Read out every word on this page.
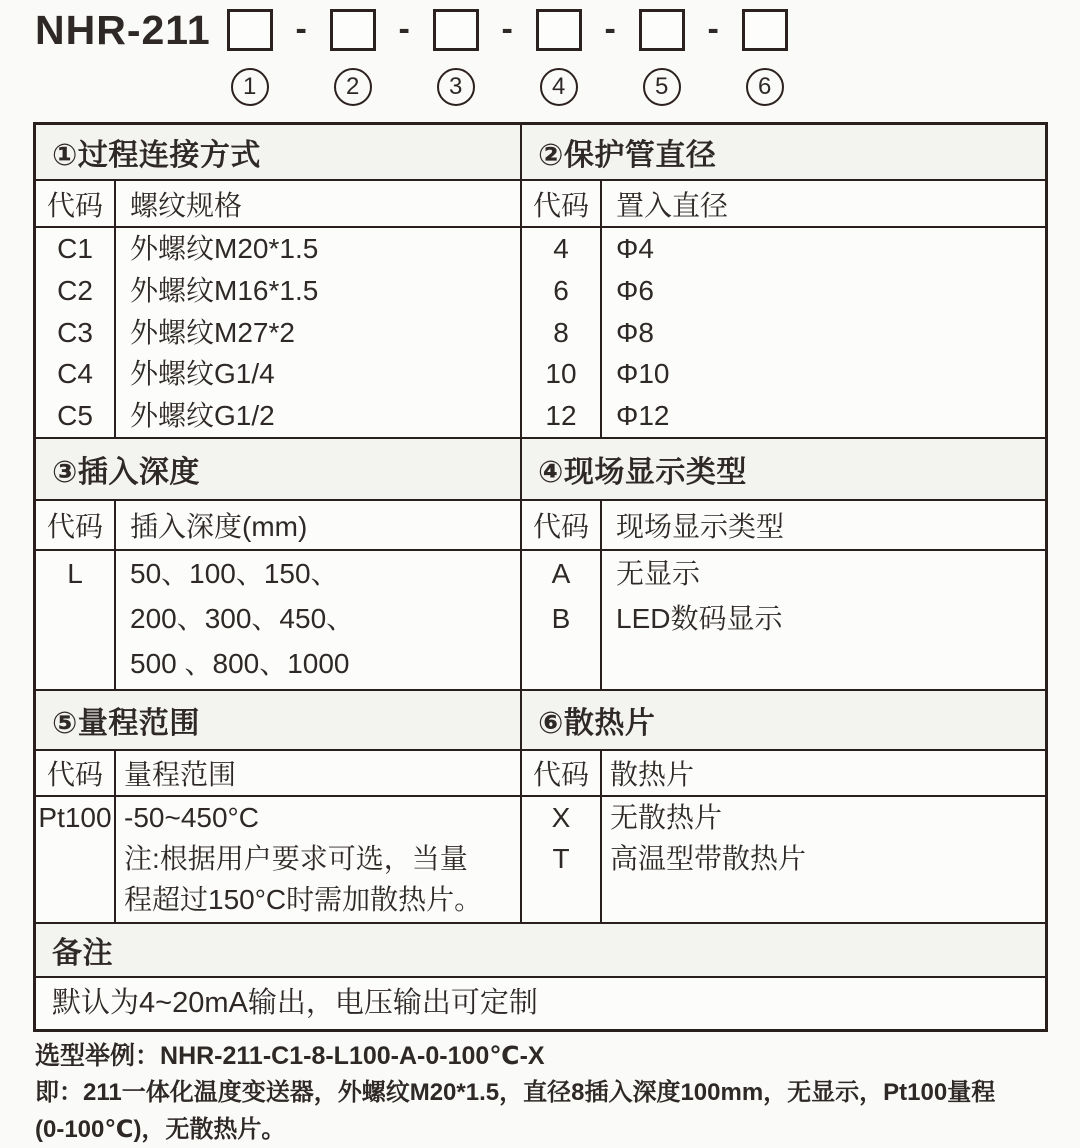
NHR-211
1
-
2
-
3
-
4
-
5
-
6
①过程连接方式
代码 螺纹规格
C1
C2
C3
C4
C5
外螺纹M20*1.5
外螺纹M16*1.5
外螺纹M27*2
外螺纹G1/4
外螺纹G1/2
②保护管直径
代码 置入直径
4
6
8
10
12
Φ4
Φ6
Φ8
Φ10
Φ12
③插入深度
代码 插入深度(mm)
L	50、100、150、
200、300、450、
500 、800、1000
④现场显示类型
代码 现场显示类型
A
B
无显示
LED数码显示
⑤量程范围
代码 量程范围
Pt100 -50~450°C
注:根据用户要求可选，当量
程超过150°C时需加散热片。
⑥散热片
代码 散热片
X
T
无散热片
高温型带散热片
备注
默认为4~20mA输出，电压输出可定制
选型举例：NHR-211-C1-8-L100-A-0-100℃-X
即：211一体化温度变送器，外螺纹M20*1.5，直径8插入深度100mm，无显示，Pt100量程
(0-100℃)，无散热片。
